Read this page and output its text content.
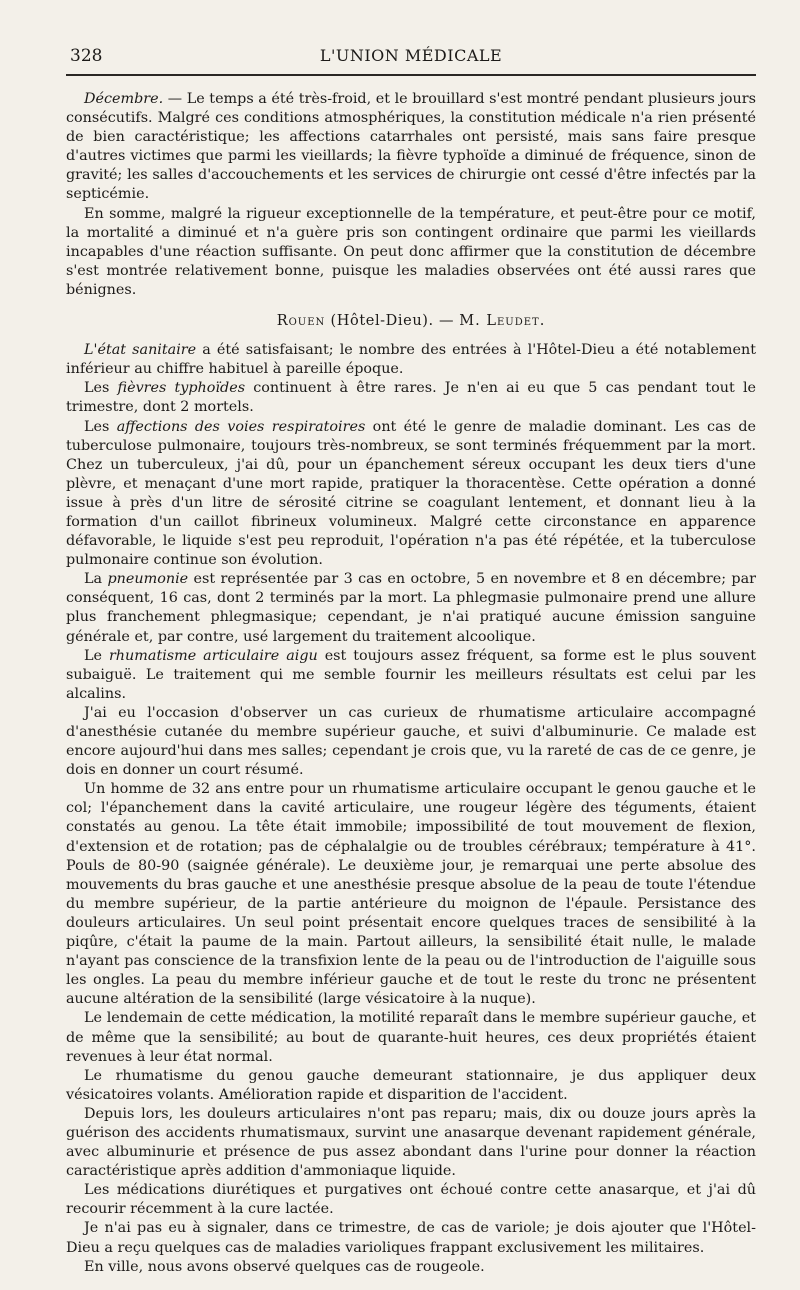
328	L'UNION MÉDICALE

Décembre. — Le temps a été très-froid, et le brouillard s'est montré pendant plusieurs jours consécutifs. Malgré ces conditions atmosphériques, la constitution médicale n'a rien présenté de bien caractéristique; les affections catarrhales ont persisté, mais sans faire presque d'autres victimes que parmi les vieillards; la fièvre typhoïde a diminué de fréquence, sinon de gravité; les salles d'accouchements et les services de chirurgie ont cessé d'être infectés par la septicémie.

En somme, malgré la rigueur exceptionnelle de la température, et peut-être pour ce motif, la mortalité a diminué et n'a guère pris son contingent ordinaire que parmi les vieillards incapables d'une réaction suffisante. On peut donc affirmer que la constitution de décembre s'est montrée relativement bonne, puisque les maladies observées ont été aussi rares que bénignes.

Rouen (Hôtel-Dieu). — M. Leudet.

L'état sanitaire a été satisfaisant; le nombre des entrées à l'Hôtel-Dieu a été notablement inférieur au chiffre habituel à pareille époque.

Les fièvres typhoïdes continuent à être rares. Je n'en ai eu que 5 cas pendant tout le trimestre, dont 2 mortels.

Les affections des voies respiratoires ont été le genre de maladie dominant. Les cas de tuberculose pulmonaire, toujours très-nombreux, se sont terminés fréquemment par la mort. Chez un tuberculeux, j'ai dû, pour un épanchement séreux occupant les deux tiers d'une plèvre, et menaçant d'une mort rapide, pratiquer la thoracentèse. Cette opération a donné issue à près d'un litre de sérosité citrine se coagulant lentement, et donnant lieu à la formation d'un caillot fibrineux volumineux. Malgré cette circonstance en apparence défavorable, le liquide s'est peu reproduit, l'opération n'a pas été répétée, et la tuberculose pulmonaire continue son évolution.

La pneumonie est représentée par 3 cas en octobre, 5 en novembre et 8 en décembre; par conséquent, 16 cas, dont 2 terminés par la mort. La phlegmasie pulmonaire prend une allure plus franchement phlegmasique; cependant, je n'ai pratiqué aucune émission sanguine générale et, par contre, usé largement du traitement alcoolique.

Le rhumatisme articulaire aigu est toujours assez fréquent, sa forme est le plus souvent subaiguë. Le traitement qui me semble fournir les meilleurs résultats est celui par les alcalins.

J'ai eu l'occasion d'observer un cas curieux de rhumatisme articulaire accompagné d'anesthésie cutanée du membre supérieur gauche, et suivi d'albuminurie. Ce malade est encore aujourd'hui dans mes salles; cependant je crois que, vu la rareté de cas de ce genre, je dois en donner un court résumé.

Un homme de 32 ans entre pour un rhumatisme articulaire occupant le genou gauche et le col; l'épanchement dans la cavité articulaire, une rougeur légère des téguments, étaient constatés au genou. La tête était immobile; impossibilité de tout mouvement de flexion, d'extension et de rotation; pas de céphalalgie ou de troubles cérébraux; température à 41°. Pouls de 80-90 (saignée générale). Le deuxième jour, je remarquai une perte absolue des mouvements du bras gauche et une anesthésie presque absolue de la peau de toute l'étendue du membre supérieur, de la partie antérieure du moignon de l'épaule. Persistance des douleurs articulaires. Un seul point présentait encore quelques traces de sensibilité à la piqûre, c'était la paume de la main. Partout ailleurs, la sensibilité était nulle, le malade n'ayant pas conscience de la transfixion lente de la peau ou de l'introduction de l'aiguille sous les ongles. La peau du membre inférieur gauche et de tout le reste du tronc ne présentent aucune altération de la sensibilité (large vésicatoire à la nuque).

Le lendemain de cette médication, la motilité reparaît dans le membre supérieur gauche, et de même que la sensibilité; au bout de quarante-huit heures, ces deux propriétés étaient revenues à leur état normal.

Le rhumatisme du genou gauche demeurant stationnaire, je dus appliquer deux vésicatoires volants. Amélioration rapide et disparition de l'accident.

Depuis lors, les douleurs articulaires n'ont pas reparu; mais, dix ou douze jours après la guérison des accidents rhumatismaux, survint une anasarque devenant rapidement générale, avec albuminurie et présence de pus assez abondant dans l'urine pour donner la réaction caractéristique après addition d'ammoniaque liquide.

Les médications diurétiques et purgatives ont échoué contre cette anasarque, et j'ai dû recourir récemment à la cure lactée.

Je n'ai pas eu à signaler, dans ce trimestre, de cas de variole; je dois ajouter que l'Hôtel-Dieu a reçu quelques cas de maladies varioliques frappant exclusivement les militaires.

En ville, nous avons observé quelques cas de rougeole.
